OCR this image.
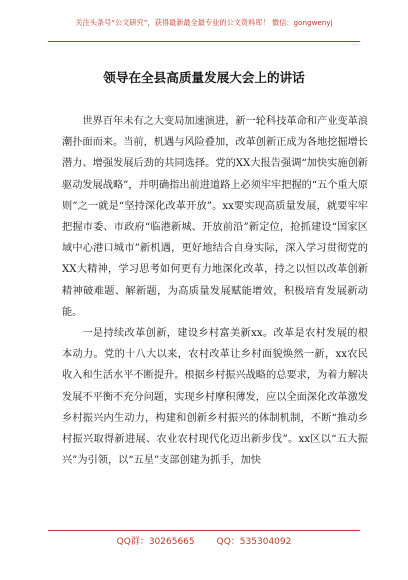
关注头条号“公文研究”，获得最新最全最专业的公文资料库！ 微信：gongwenyj
领导在全县高质量发展大会上的讲话

世界百年未有之大变局加速演进，新一轮科技革命和产业变革浪潮扑面而来。当前，机遇与风险叠加，改革创新正成为各地挖掘增长潜力、增强发展后劲的共同选择。党的XX大报告强调“加快实施创新驱动发展战略”，并明确指出前进道路上必须牢牢把握的“五个重大原则”之一就是“坚持深化改革开放”。xx要实现高质量发展，就要牢牢把握市委、市政府“临港新城、开放前沿”新定位，抢抓建设“国家区域中心港口城市”新机遇，更好地结合自身实际，深入学习贯彻党的XX大精神，学习思考如何更有力地深化改革，持之以恒以改革创新精神破难题、解新题，为高质量发展赋能增效，积极培育发展新动能。

一是持续改革创新，建设乡村富美新xx。改革是农村发展的根本动力。党的十八大以来，农村改革让乡村面貌焕然一新，xx农民收入和生活水平不断提升。根据乡村振兴战略的总要求，为着力解决发展不平衡不充分问题，实现乡村摩积薄发，应以全面深化改革激发乡村振兴内生动力，构建和创新乡村振兴的体制机制，不断“推动乡村振兴取得新进展、农业农村现代化迈出新步伐”。xx区以“五大振兴”为引领，以“五星”支部创建为抓手，加快

QQ群：30265665 QQ：535304092
